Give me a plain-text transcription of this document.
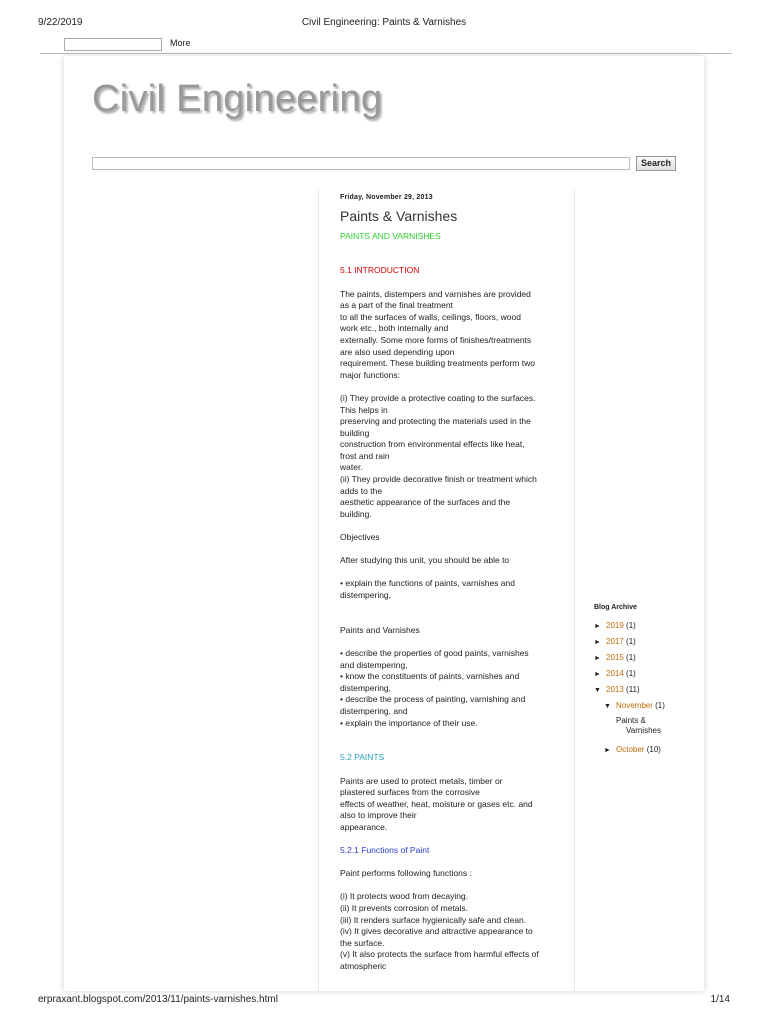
9/22/2019	Civil Engineering: Paints & Varnishes
More
Civil Engineering
Search
Friday, November 29, 2013
Paints & Varnishes

PAINTS AND VARNISHES

5.1 INTRODUCTION

The paints, distempers and varnishes are provided

as a part of the final treatment

to all the surfaces of walls, ceilings, floors, wood

work etc., both internally and

externally. Some more forms of finishes/treatments

are also used depending upon

requirement. These building treatments perform two

major functions:

(i) They provide a protective coating to the surfaces.

This helps in

preserving and protecting the materials used in the

building

construction from environmental effects like heat,

frost and rain

water.

(ii) They provide decorative finish or treatment which

adds to the

aesthetic appearance of the surfaces and the

building.

Objectives

After studying this unit, you should be able to

• explain the functions of paints, varnishes and

distempering,

Paints and Varnishes

• describe the properties of good paints, varnishes

and distempering,

• know the constituents of paints, varnishes and

distempering,

• describe the process of painting, varnishing and

distempering, and

• explain the importance of their use.

5.2 PAINTS

Paints are used to protect metals, timber or

plastered surfaces from the corrosive

effects of weather, heat, moisture or gases etc. and

also to improve their

appearance.

5.2.1 Functions of Paint

Paint performs following functions :

(i) It protects wood from decaying.

(ii) It prevents corrosion of metals.

(iii) It renders surface hygienically safe and clean.

(iv) It gives decorative and attractive appearance to

the surface.

(v) It also protects the surface from harmful effects of

atmospheric

Blog Archive
► 2019 (1)
► 2017 (1)
► 2015 (1)
► 2014 (1)
▼ 2013 (11)
▼ November (1)
Paints &
Varnishes
► October (10)
erpraxant.blogspot.com/2013/11/paints-varnishes.html	1/14
